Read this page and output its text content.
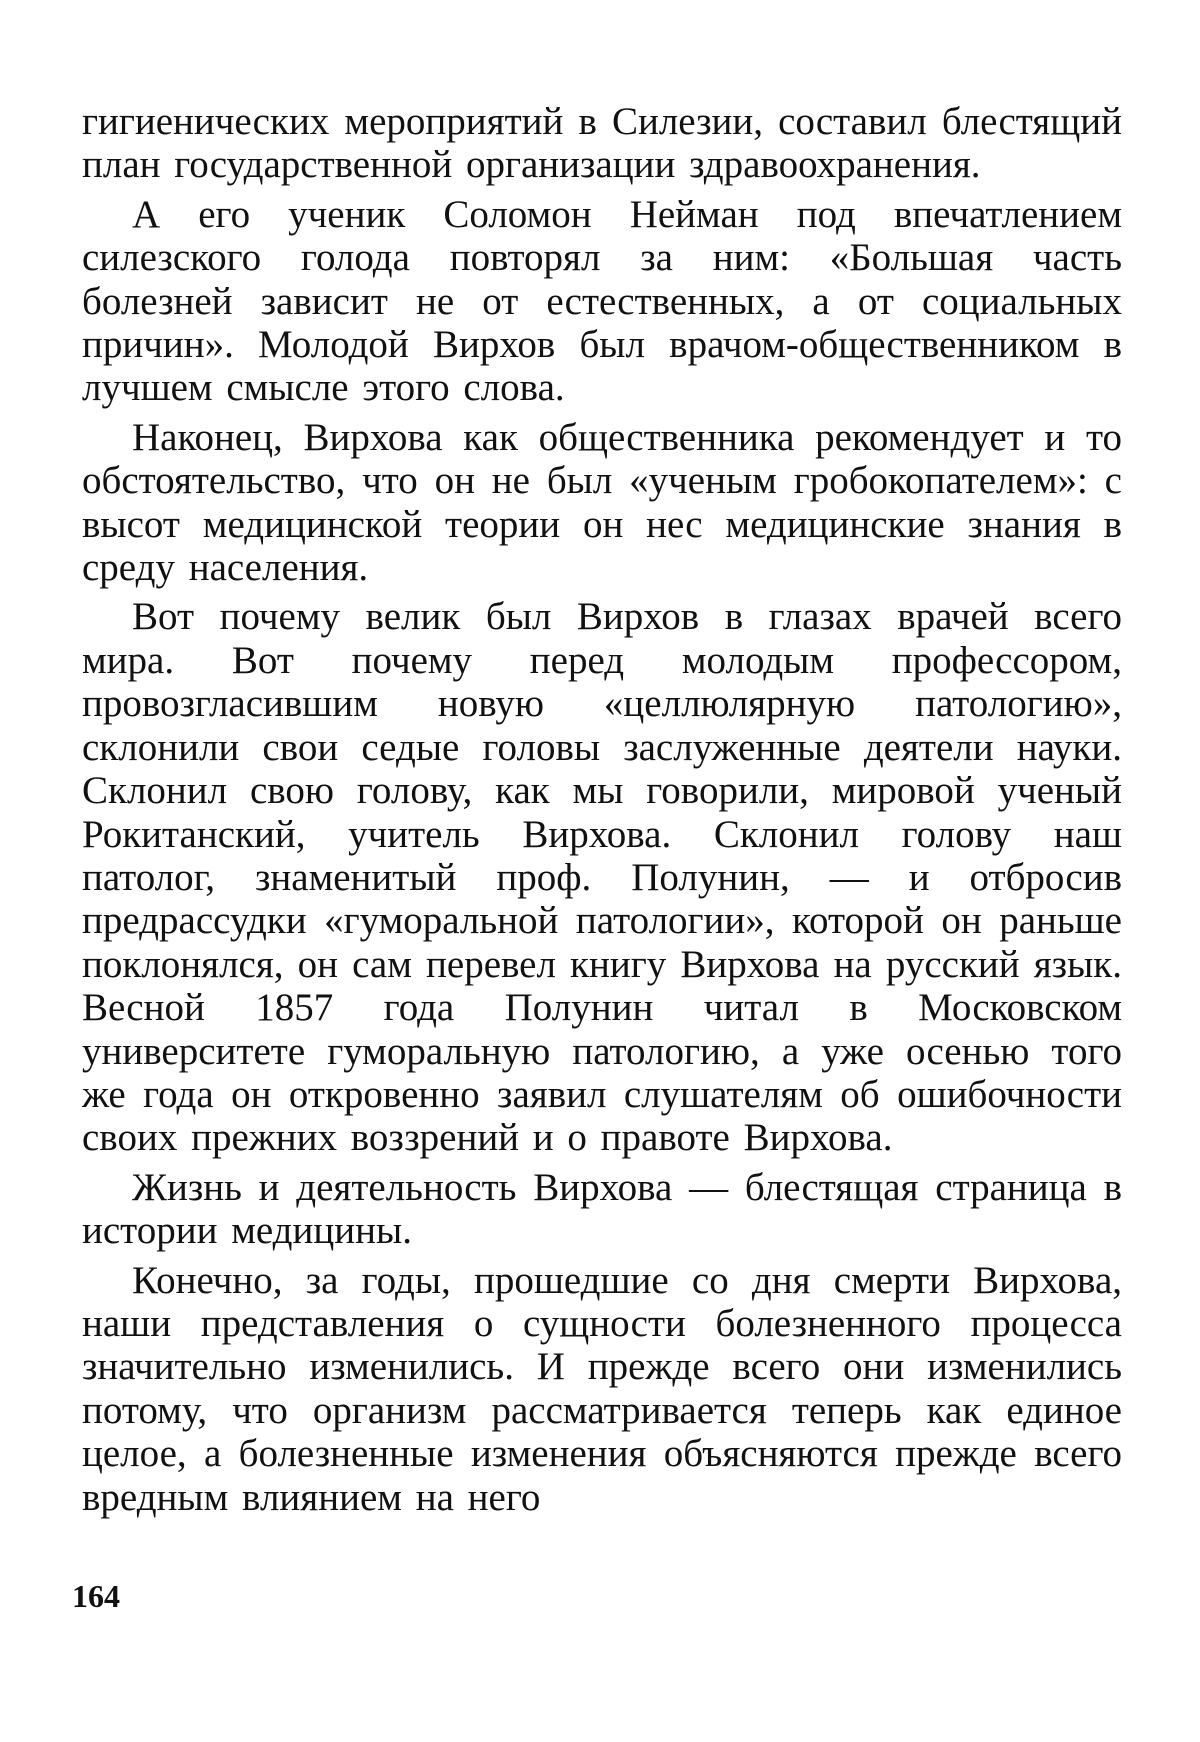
гигиенических мероприятий в Силезии, составил блестящий план государственной организации здравоохранения.

А его ученик Соломон Нейман под впечатлением силезского голода повторял за ним: «Большая часть болезней зависит не от естественных, а от социальных причин». Молодой Вирхов был врачом-общественником в лучшем смысле этого слова.

Наконец, Вирхова как общественника рекомендует и то обстоятельство, что он не был «ученым гробокопателем»: с высот медицинской теории он нес медицинские знания в среду населения.

Вот почему велик был Вирхов в глазах врачей всего мира. Вот почему перед молодым профессором, провозгласившим новую «целлюлярную патологию», склонили свои седые головы заслуженные деятели науки. Склонил свою голову, как мы говорили, мировой ученый Рокитанский, учитель Вирхова. Склонил голову наш патолог, знаменитый проф. Полунин, — и отбросив предрассудки «гуморальной патологии», которой он раньше поклонялся, он сам перевел книгу Вирхова на русский язык. Весной 1857 года Полунин читал в Московском университете гуморальную патологию, а уже осенью того же года он откровенно заявил слушателям об ошибочности своих прежних воззрений и о правоте Вирхова.

Жизнь и деятельность Вирхова — блестящая страница в истории медицины.

Конечно, за годы, прошедшие со дня смерти Вирхова, наши представления о сущности болезненного процесса значительно изменились. И прежде всего они изменились потому, что организм рассматривается теперь как единое целое, а болезненные изменения объясняются прежде всего вредным влиянием на него

164
